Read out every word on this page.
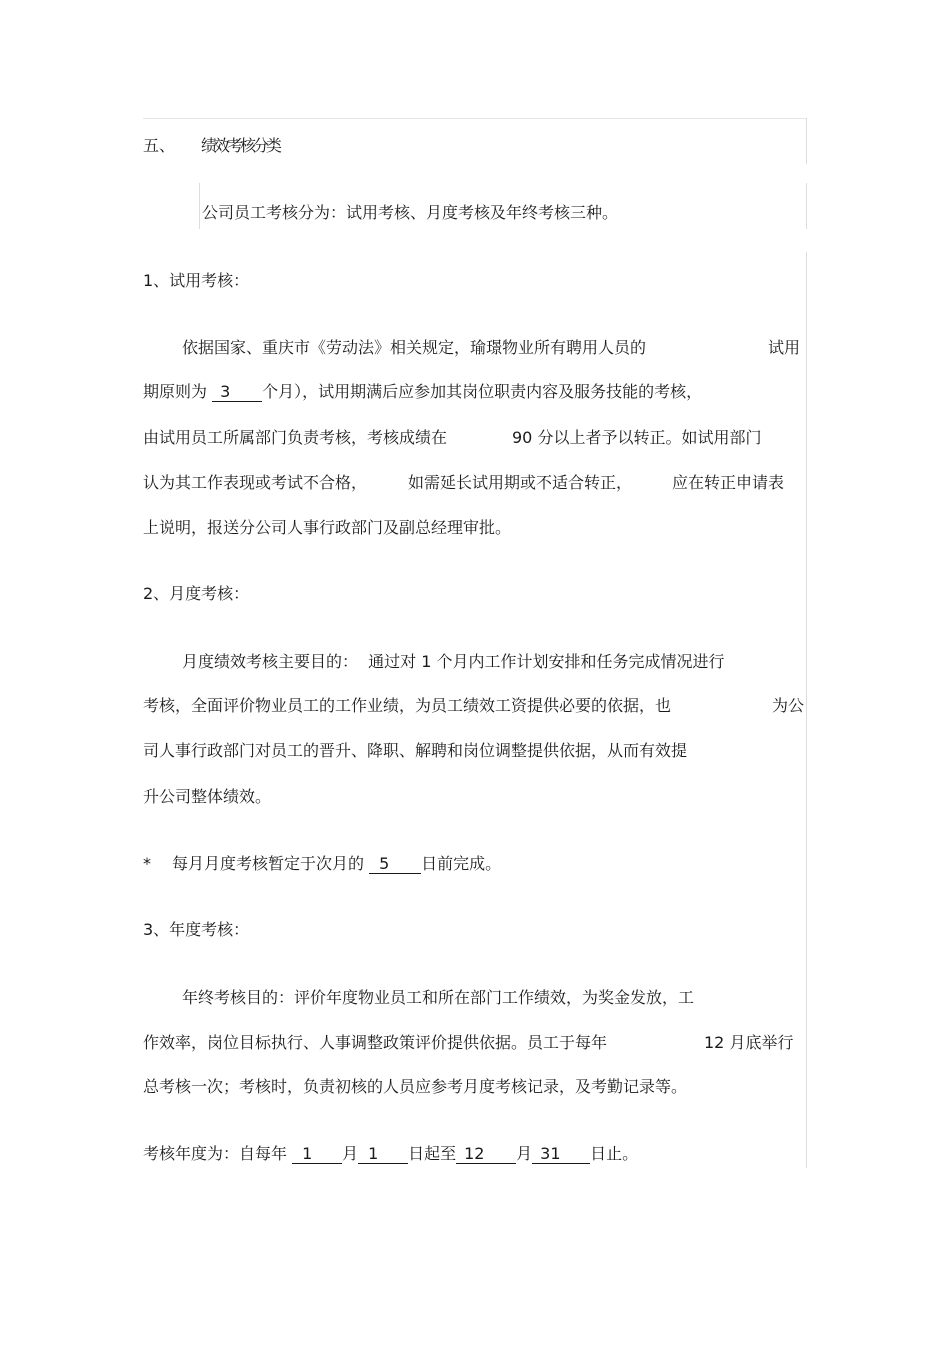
五、 绩效考核分类
公司员工考核分为：试用考核、月度考核及年终考核三种。
1、试用考核：
依据国家、重庆市《劳动法》相关规定，瑜璟物业所有聘用人员的	试用
期原则为 3 个月），试用期满后应参加其岗位职责内容及服务技能的考核，
由试用员工所属部门负责考核，考核成绩在	90 分以上者予以转正。如试用部门
认为其工作表现或考试不合格，	如需延长试用期或不适合转正， 应在转正申请表
上说明，报送分公司人事行政部门及副总经理审批。
2、月度考核：
月度绩效考核主要目的：  通过对 1 个月内工作计划安排和任务完成情况进行
考核，全面评价物业员工的工作业绩，为员工绩效工资提供必要的依据，也	为公
司人事行政部门对员工的晋升、降职、解聘和岗位调整提供依据，从而有效提
升公司整体绩效。
* 每月月度考核暂定于次月的 5 日前完成。
3、年度考核：
年终考核目的：评价年度物业员工和所在部门工作绩效，为奖金发放，工
作效率，岗位目标执行、人事调整政策评价提供依据。员工于每年	12 月底举行
总考核一次；考核时，负责初核的人员应参考月度考核记录，及考勤记录等。
考核年度为：自每年 1 月 1 日起至 12 月 31 日止。
